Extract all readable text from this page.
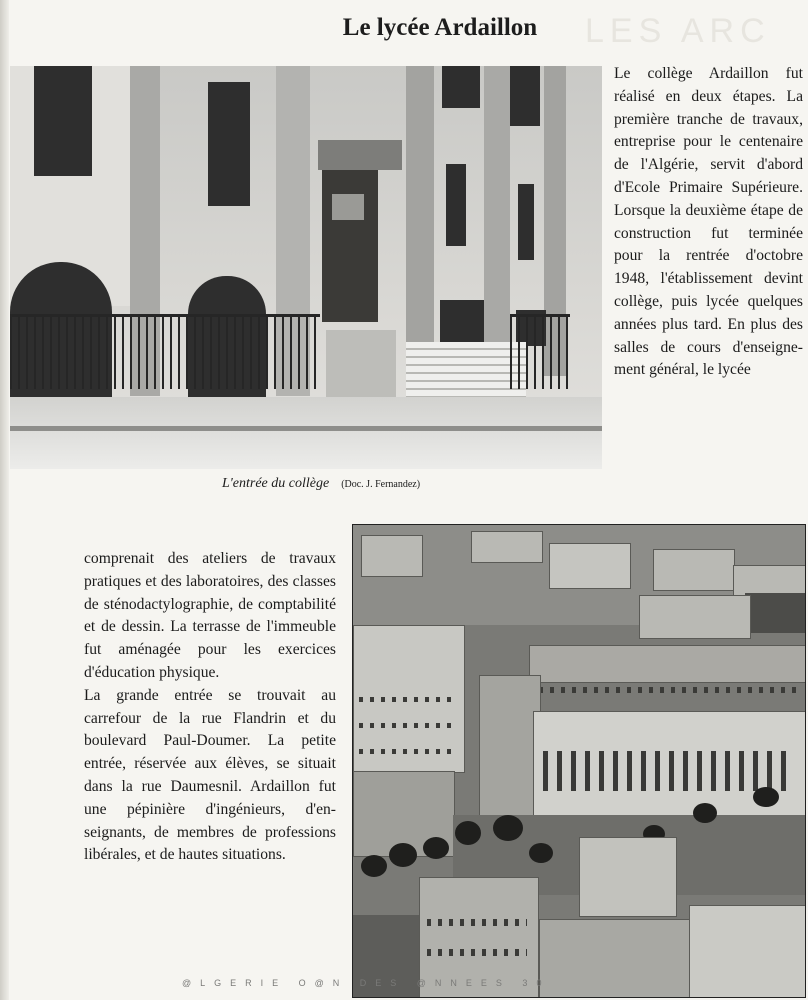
LES ARC
Le lycée Ardaillon
L'entrée du collège (Doc. J. Fernandez)

Le collège Ardaillon fut réalisé en deux étapes. La première tranche de travaux, entreprise pour le centenaire de l'Algérie, servit d'abord d'Ecole Primaire Supérieure. Lorsque la deuxième étape de construction fut terminée pour la rentrée d'octobre 1948, l'établissement devint collège, puis lycée quelques années plus tard. En plus des salles de cours d'enseignement général, le lycée

comprenait des ateliers de travaux pratiques et des laboratoires, des classes de sténodactylographie, de comptabilité et de dessin. La terrasse de l'immeuble fut aménagée pour les exercices d'éducation physique.

La grande entrée se trouvait au carrefour de la rue Flandrin et du boulevard Paul-Doumer. La petite entrée, réservée aux élèves, se situait dans la rue Daumesnil. Ardaillon fut une pépinière d'ingénieurs, d'enseignants, de membres de professions libérales, et de hautes situations.

@LGERIE O@N DES @NNEES 30
